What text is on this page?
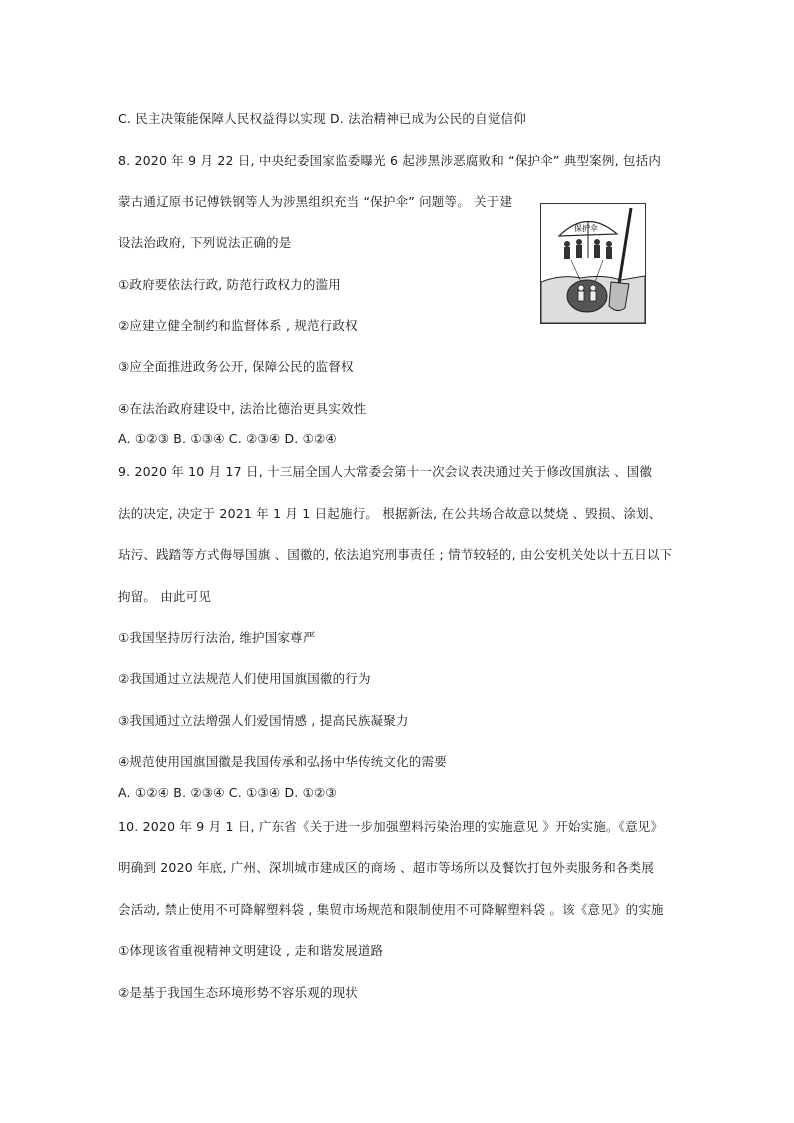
C. 民主决策能保障人民权益得以实现 D. 法治精神已成为公民的自觉信仰
8. 2020 年 9 月 22 日, 中央纪委国家监委曝光 6 起涉黑涉恶腐败和 “保护伞” 典型案例, 包括内
蒙古通辽原书记傅铁钢等人为涉黑组织充当 “保护伞” 问题等。 关于建
设法治政府, 下列说法正确的是
①政府要依法行政, 防范行政权力的滥用
②应建立健全制约和监督体系 , 规范行政权
③应全面推进政务公开, 保障公民的监督权
④在法治政府建设中, 法治比德治更具实效性
A. ①②③ B. ①③④ C. ②③④ D. ①②④
9. 2020 年 10 月 17 日, 十三届全国人大常委会第十一次会议表决通过关于修改国旗法 、国徽
法的决定, 决定于 2021 年 1 月 1 日起施行。 根据新法, 在公共场合故意以焚烧 、毁损、涂划、
玷污、践踏等方式侮辱国旗 、国徽的, 依法追究刑事责任 ; 情节较轻的, 由公安机关处以十五日以下
拘留。 由此可见
①我国坚持厉行法治, 维护国家尊严
②我国通过立法规范人们使用国旗国徽的行为
③我国通过立法增强人们爱国情感 , 提高民族凝聚力
④规范使用国旗国徽是我国传承和弘扬中华传统文化的需要
A. ①②④ B. ②③④ C. ①③④ D. ①②③
10. 2020 年 9 月 1 日, 广东省《关于进一步加强塑料污染治理的实施意见 》开始实施。《意见》
明确到 2020 年底, 广州、深圳城市建成区的商场 、超市等场所以及餐饮打包外卖服务和各类展
会活动, 禁止使用不可降解塑料袋 , 集贸市场规范和限制使用不可降解塑料袋 。该《意见》的实施
①体现该省重视精神文明建设 , 走和谐发展道路
②是基于我国生态环境形势不容乐观的现状
保护伞
